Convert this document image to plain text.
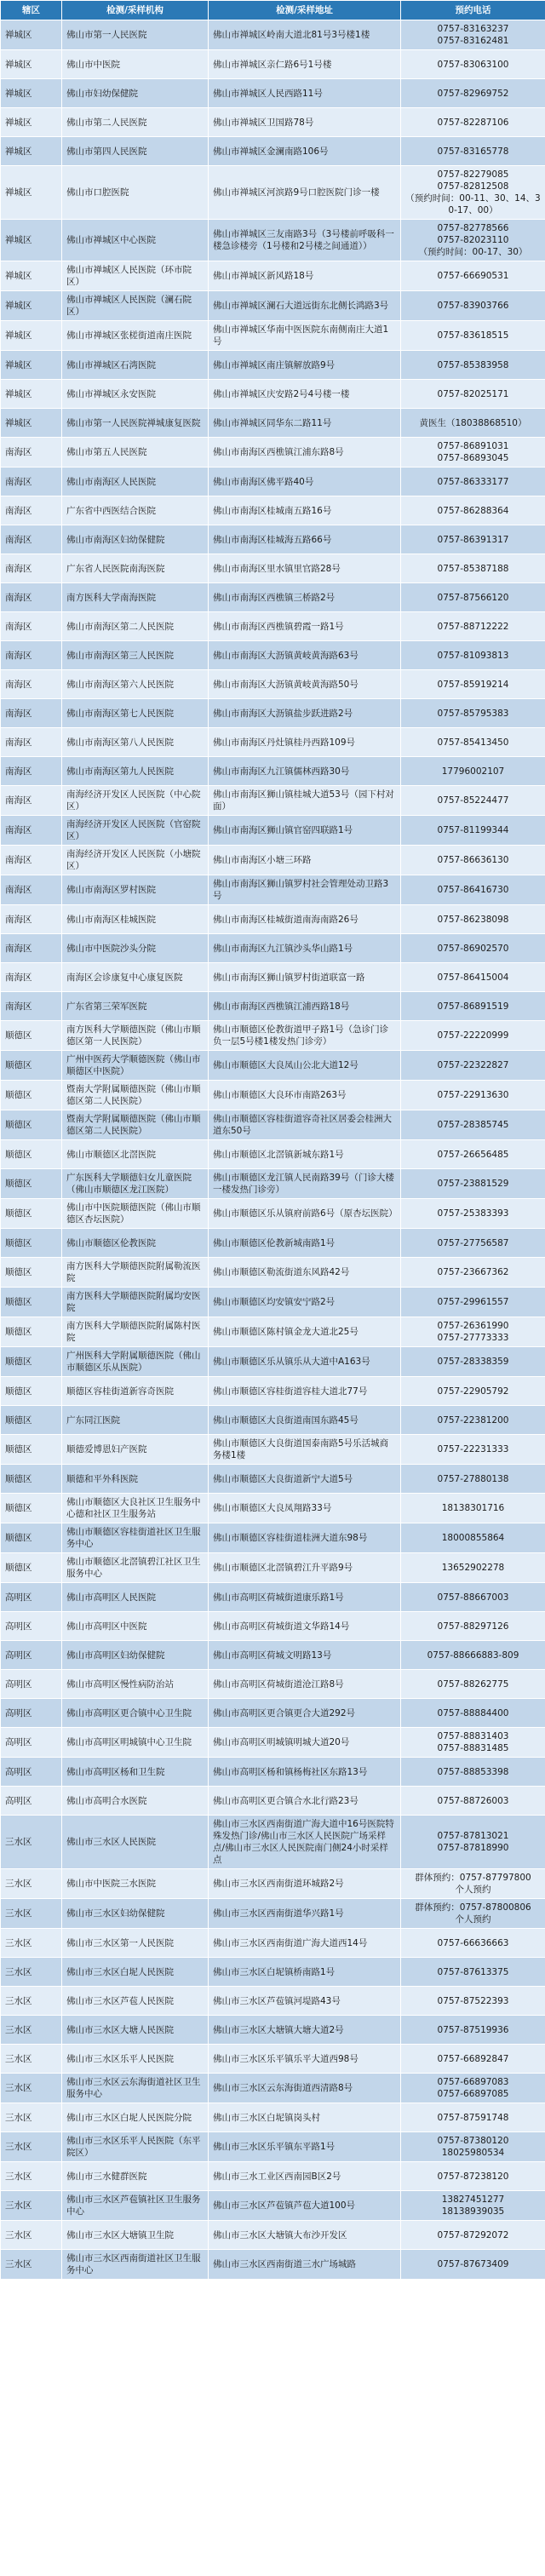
辖区	检测/采样机构	检测/采样地址	预约电话
禅城区	佛山市第一人民医院	佛山市禅城区岭南大道北81号3号楼1楼	0757-83163237
0757-83162481
禅城区	佛山市中医院	佛山市禅城区亲仁路6号1号楼	0757-83063100
禅城区	佛山市妇幼保健院	佛山市禅城区人民西路11号	0757-82969752
禅城区	佛山市第二人民医院	佛山市禅城区卫国路78号	0757-82287106
禅城区	佛山市第四人民医院	佛山市禅城区金澜南路106号	0757-83165778
禅城区	佛山市口腔医院	佛山市禅城区河滨路9号口腔医院门诊一楼	0757-82279085
0757-82812508
（预约时间：00-11、30、14、30-17、00）
禅城区	佛山市禅城区中心医院	佛山市禅城区三友南路3号（3号楼前呼吸科一楼急诊楼旁（1号楼和2号楼之间通道））	0757-82778566
0757-82023110
（预约时间：00-17、30）
禅城区	佛山市禅城区人民医院（环市院区）	佛山市禅城区新风路18号	0757-66690531
禅城区	佛山市禅城区人民医院（澜石院区）	佛山市禅城区澜石大道远街东北侧长鸿路3号	0757-83903766
禅城区	佛山市禅城区张槎街道南庄医院	佛山市禅城区华南中医医院东南侧南庄大道1号	0757-83618515
禅城区	佛山市禅城区石湾医院	佛山市禅城区南庄镇解放路9号	0757-85383958
禅城区	佛山市禅城区永安医院	佛山市禅城区庆安路2号4号楼一楼	0757-82025171
禅城区	佛山市第一人民医院禅城康复医院	佛山市禅城区同华东二路11号	黄医生（18038868510）
南海区	佛山市第五人民医院	佛山市南海区西樵镇江浦东路8号	0757-86891031
0757-86893045
南海区	佛山市南海区人民医院	佛山市南海区佛平路40号	0757-86333177
南海区	广东省中西医结合医院	佛山市南海区桂城南五路16号	0757-86288364
南海区	佛山市南海区妇幼保健院	佛山市南海区桂城海五路66号	0757-86391317
南海区	广东省人民医院南海医院	佛山市南海区里水镇里官路28号	0757-85387188
南海区	南方医科大学南海医院	佛山市南海区西樵镇三桥路2号	0757-87566120
南海区	佛山市南海区第二人民医院	佛山市南海区西樵镇碧霞一路1号	0757-88712222
南海区	佛山市南海区第三人民医院	佛山市南海区大沥镇黄岐黄海路63号	0757-81093813
南海区	佛山市南海区第六人民医院	佛山市南海区大沥镇黄岐黄海路50号	0757-85919214
南海区	佛山市南海区第七人民医院	佛山市南海区大沥镇盐步跃进路2号	0757-85795383
南海区	佛山市南海区第八人民医院	佛山市南海区丹灶镇桂丹西路109号	0757-85413450
南海区	佛山市南海区第九人民医院	佛山市南海区九江镇儒林西路30号	17796002107
南海区	南海经济开发区人民医院（中心院区）	佛山市南海区狮山镇桂城大道53号（园下村对面）	0757-85224477
南海区	南海经济开发区人民医院（官窑院区）	佛山市南海区狮山镇官窑四联路1号	0757-81199344
南海区	南海经济开发区人民医院（小塘院区）	佛山市南海区小塘三环路	0757-86636130
南海区	佛山市南海区罗村医院	佛山市南海区狮山镇罗村社会管理处动卫路3号	0757-86416730
南海区	佛山市南海区桂城医院	佛山市南海区桂城街道南海南路26号	0757-86238098
南海区	佛山市中医院沙头分院	佛山市南海区九江镇沙头华山路1号	0757-86902570
南海区	南海区会诊康复中心康复医院	佛山市南海区狮山镇罗村街道联富一路	0757-86415004
南海区	广东省第三荣军医院	佛山市南海区西樵镇江浦西路18号	0757-86891519
顺德区	南方医科大学顺德医院（佛山市顺德区第一人民医院）	佛山市顺德区伦教街道甲子路1号（急诊门诊负一层5号楼1楼发热门诊旁）	0757-22220999
顺德区	广州中医药大学顺德医院（佛山市顺德区中医院）	佛山市顺德区大良凤山公北大道12号	0757-22322827
顺德区	暨南大学附属顺德医院（佛山市顺德区第二人民医院）	佛山市顺德区大良环市南路263号	0757-22913630
顺德区	暨南大学附属顺德医院（佛山市顺德区第二人民医院）	佛山市顺德区容桂街道容奇社区居委会桂洲大道东50号	0757-28385745
顺德区	佛山市顺德区北滘医院	佛山市顺德区北滘镇新城东路1号	0757-26656485
顺德区	广东医科大学顺德妇女儿童医院（佛山市顺德区龙江医院）	佛山市顺德区龙江镇人民南路39号（门诊大楼一楼发热门诊旁）	0757-23881529
顺德区	佛山市中医院顺德医院（佛山市顺德区杏坛医院）	佛山市顺德区乐从镇府前路6号（原杏坛医院）	0757-25383393
顺德区	佛山市顺德区伦教医院	佛山市顺德区伦教新城南路1号	0757-27756587
顺德区	南方医科大学顺德医院附属勒流医院	佛山市顺德区勒流街道东风路42号	0757-23667362
顺德区	南方医科大学顺德医院附属均安医院	佛山市顺德区均安镇安宁路2号	0757-29961557
顺德区	南方医科大学顺德医院附属陈村医院	佛山市顺德区陈村镇金龙大道北25号	0757-26361990
0757-27773333
顺德区	广州医科大学附属顺德医院（佛山市顺德区乐从医院）	佛山市顺德区乐从镇乐从大道中A163号	0757-28338359
顺德区	顺德区容桂街道新容奇医院	佛山市顺德区容桂街道容桂大道北77号	0757-22905792
顺德区	广东同江医院	佛山市顺德区大良街道南国东路45号	0757-22381200
顺德区	顺德爱博恩妇产医院	佛山市顺德区大良街道国泰南路5号乐活城商务楼1楼	0757-22231333
顺德区	顺德和平外科医院	佛山市顺德区大良街道新宁大道5号	0757-27880138
顺德区	佛山市顺德区大良社区卫生服务中心德和社区卫生服务站	佛山市顺德区大良凤翔路33号	18138301716
顺德区	佛山市顺德区容桂街道社区卫生服务中心	佛山市顺德区容桂街道桂洲大道东98号	18000855864
顺德区	佛山市顺德区北滘镇碧江社区卫生服务中心	佛山市顺德区北滘镇碧江升平路9号	13652902278
高明区	佛山市高明区人民医院	佛山市高明区荷城街道康乐路1号	0757-88667003
高明区	佛山市高明区中医院	佛山市高明区荷城街道文华路14号	0757-88297126
高明区	佛山市高明区妇幼保健院	佛山市高明区荷城文明路13号	0757-88666883-809
高明区	佛山市高明区慢性病防治站	佛山市高明区荷城街道沧江路8号	0757-88262775
高明区	佛山市高明区更合镇中心卫生院	佛山市高明区更合镇更合大道292号	0757-88884400
高明区	佛山市高明区明城镇中心卫生院	佛山市高明区明城镇明城大道20号	0757-88831403
0757-88831485
高明区	佛山市高明区杨和卫生院	佛山市高明区杨和镇杨梅社区东路13号	0757-88853398
高明区	佛山市高明合水医院	佛山市高明区更合镇合水北行路23号	0757-88726003
三水区	佛山市三水区人民医院	佛山市三水区西南街道广海大道中16号医院特殊发热门诊/佛山市三水区人民医院广场采样点/佛山市三水区人民医院南门侧24小时采样点	0757-87813021
0757-87818990
三水区	佛山市中医院三水医院	佛山市三水区西南街道环城路2号	群体预约：0757-87797800
个人预约
三水区	佛山市三水区妇幼保健院	佛山市三水区西南街道华兴路1号	群体预约：0757-87800806
个人预约
三水区	佛山市三水区第一人民医院	佛山市三水区西南街道广海大道西14号	0757-66636663
三水区	佛山市三水区白坭人民医院	佛山市三水区白坭镇桥南路1号	0757-87613375
三水区	佛山市三水区芦苞人民医院	佛山市三水区芦苞镇河堤路43号	0757-87522393
三水区	佛山市三水区大塘人民医院	佛山市三水区大塘镇大塘大道2号	0757-87519936
三水区	佛山市三水区乐平人民医院	佛山市三水区乐平镇乐平大道西98号	0757-66892847
三水区	佛山市三水区云东海街道社区卫生服务中心	佛山市三水区云东海街道西清路8号	0757-66897083
0757-66897085
三水区	佛山市三水区白坭人民医院分院	佛山市三水区白坭镇岗头村	0757-87591748
三水区	佛山市三水区乐平人民医院（东平院区）	佛山市三水区乐平镇东平路1号	0757-87380120
18025980534
三水区	佛山市三水健群医院	佛山市三水工业区西南园B区2号	0757-87238120
三水区	佛山市三水区芦苞镇社区卫生服务中心	佛山市三水区芦苞镇芦苞大道100号	13827451277
18138939035
三水区	佛山市三水区大塘镇卫生院	佛山市三水区大塘镇大布沙开发区	0757-87292072
三水区	佛山市三水区西南街道社区卫生服务中心	佛山市三水区西南街道三水广场城路	0757-87673409
